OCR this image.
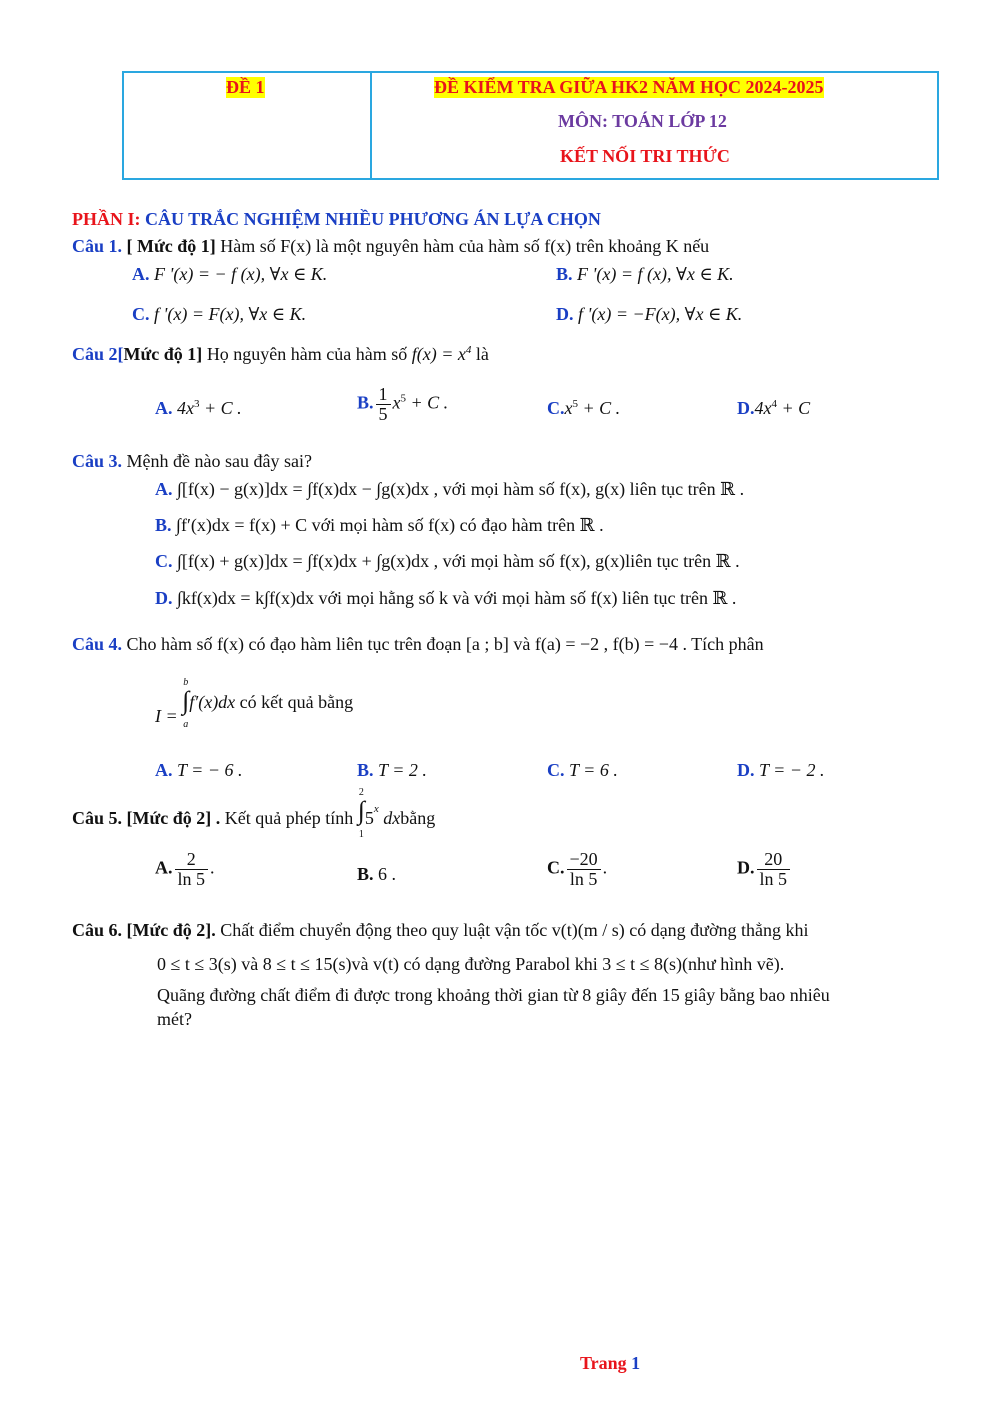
ĐỀ 1	ĐỀ KIỂM TRA GIỮA HK2 NĂM HỌC 2024-2025
MÔN: TOÁN LỚP 12
KẾT NỐI TRI THỨC
PHẦN I: CÂU TRẮC NGHIỆM NHIỀU PHƯƠNG ÁN LỰA CHỌN
Câu 1. [ Mức độ 1] Hàm số F(x) là một nguyên hàm của hàm số f(x) trên khoảng K nếu
A. F '(x) = − f (x), ∀x ∈ K.	B. F '(x) = f (x), ∀x ∈ K.
C. f '(x) = F(x), ∀x ∈ K.	D. f '(x) = −F(x), ∀x ∈ K.
Câu 2[Mức độ 1] Họ nguyên hàm của hàm số $f(x) = x^4$ là
A. $4x^3 + C$ .	B. $\frac{1}{5} x^5 + C$ .	$C.x^5 + C$ .	$D.4x^4 + C$
Câu 3. Mệnh đề nào sau đây sai?
A. ∫[f(x) − g(x)]dx = ∫f(x)dx − ∫g(x)dx , với mọi hàm số f(x), g(x) liên tục trên ℝ .
B. ∫f′(x)dx = f(x) + C với mọi hàm số f(x) có đạo hàm trên ℝ .
C. ∫[f(x) + g(x)]dx = ∫f(x)dx + ∫g(x)dx , với mọi hàm số f(x), g(x)liên tục trên ℝ .
D. ∫kf(x)dx = k∫f(x)dx với mọi hằng số k và với mọi hàm số f(x) liên tục trên ℝ .
Câu 4. Cho hàm số f(x) có đạo hàm liên tục trên đoạn [a ; b] và f(a) = −2 , f(b) = −4 . Tích phân
I =
b
∫
a
f′(x)dx có kết quả bằng
A. T = − 6 .	B. T = 2 .	C. T = 6 .	D. T = − 2 .
Câu 5. [Mức độ 2] . Kết quả phép tính
2
∫
1
5$^x$ dxbằng
A. $\frac{2}{\ln 5}$ .	B. 6 .	C. $\frac{-20}{\ln 5}$ .	D. $\frac{20}{\ln 5}$
Câu 6. [Mức độ 2]. Chất điểm chuyển động theo quy luật vận tốc v(t)(m / s) có dạng đường thẳng khi
0 ≤ t ≤ 3(s) và 8 ≤ t ≤ 15(s)và v(t) có dạng đường Parabol khi 3 ≤ t ≤ 8(s)(như hình vẽ).
Quãng đường chất điểm đi được trong khoảng thời gian từ 8 giây đến 15 giây bằng bao nhiêu
mét?
Trang 1
